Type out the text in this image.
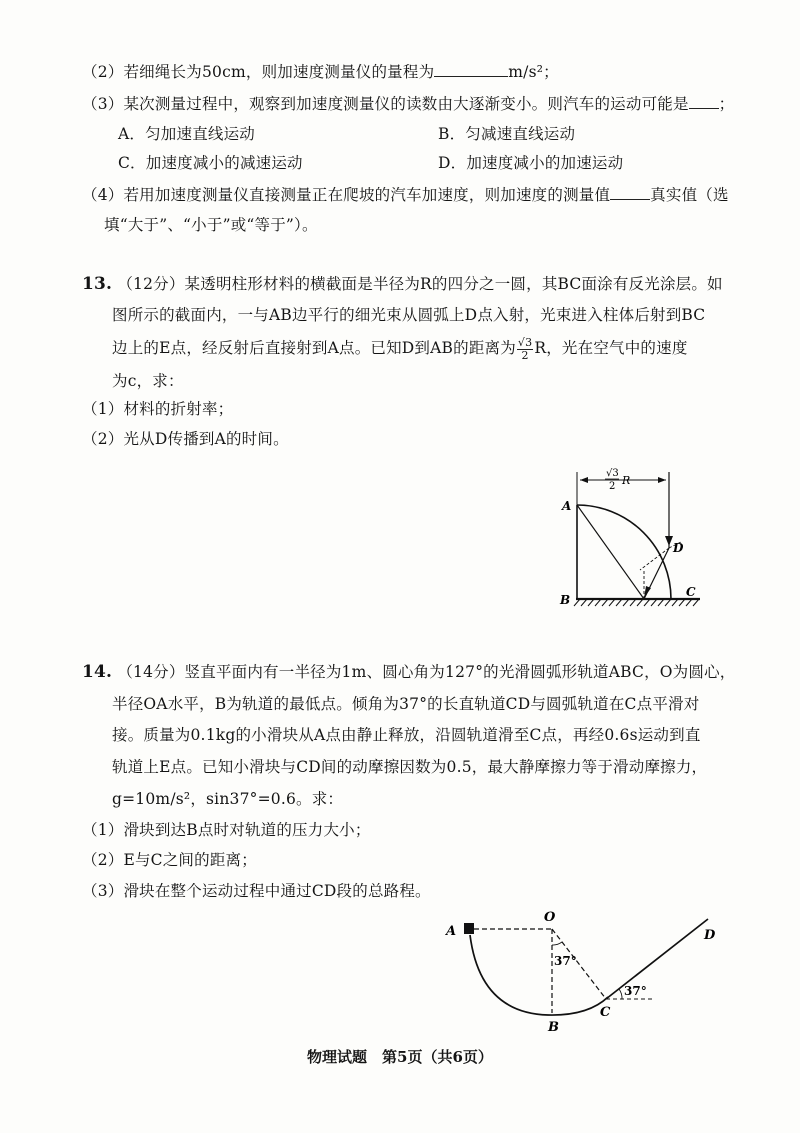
（2）若细绳长为50cm，则加速度测量仪的量程为	m/s²；
（3）某次测量过程中，观察到加速度测量仪的读数由大逐渐变小。则汽车的运动可能是 ；
A．匀加速直线运动	B．匀减速直线运动
C．加速度减小的减速运动	D．加速度减小的加速运动
（4）若用加速度测量仪直接测量正在爬坡的汽车加速度，则加速度的测量值	真实值（选
填“大于”、“小于”或“等于”）。
13. （12分）某透明柱形材料的横截面是半径为R的四分之一圆，其BC面涂有反光涂层。如
图所示的截面内，一与AB边平行的细光束从圆弧上D点入射，光束进入柱体后射到BC
边上的E点，经反射后直接射到A点。已知D到AB的距离为 $\frac{√3}{2}$ R，光在空气中的速度
为c，求：
（1）材料的折射率；
（2）光从D传播到A的时间。
√3
2 R
A
B
C
D
14. （14分）竖直平面内有一半径为1m、圆心角为127°的光滑圆弧形轨道ABC，O为圆心，
半径OA水平，B为轨道的最低点。倾角为37°的长直轨道CD与圆弧轨道在C点平滑对
接。质量为0.1kg的小滑块从A点由静止释放，沿圆轨道滑至C点，再经0.6s运动到直
轨道上E点。已知小滑块与CD间的动摩擦因数为0.5，最大静摩擦力等于滑动摩擦力，
g=10m/s²，sin37°=0.6。求：
（1）滑块到达B点时对轨道的压力大小；
（2）E与C之间的距离；
（3）滑块在整个运动过程中通过CD段的总路程。
A
O
B
C
D
37°
37°
物理试题　第5页（共6页）
